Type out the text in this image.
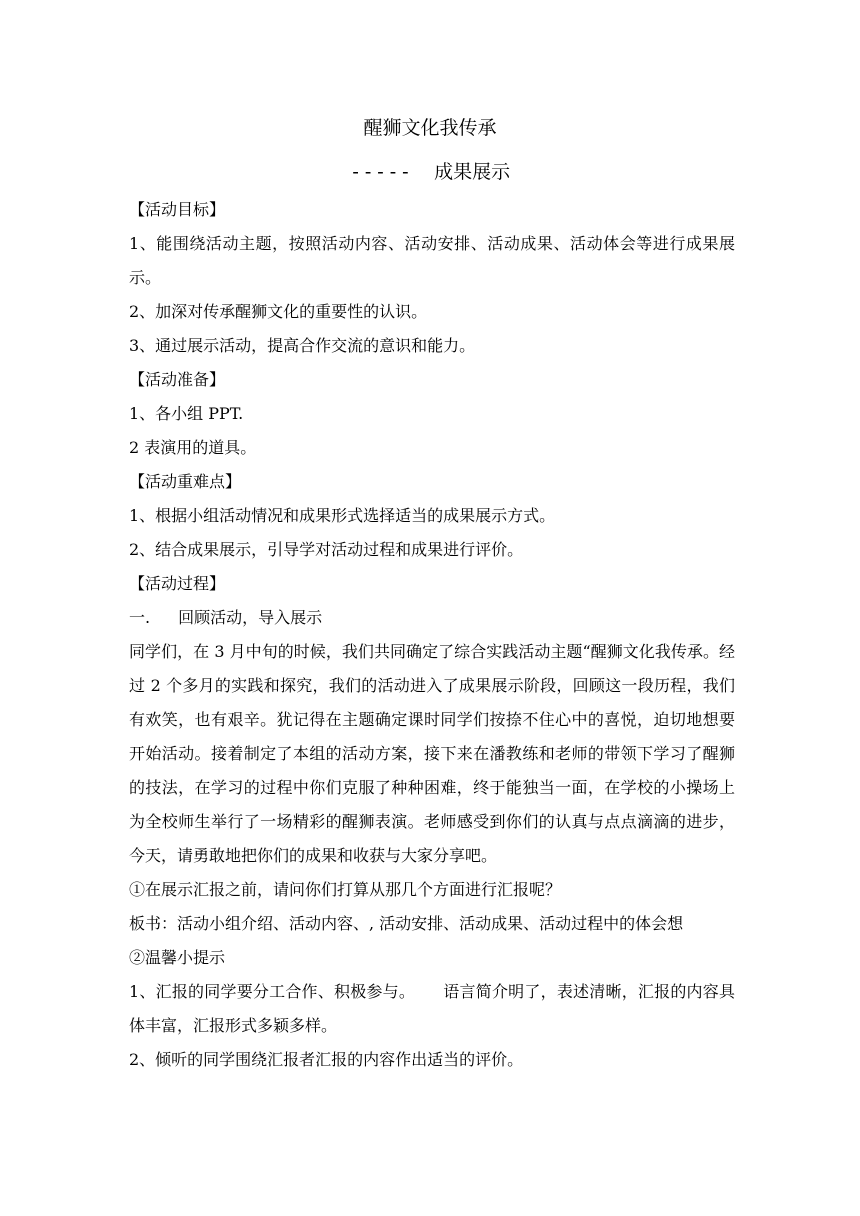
醒狮文化我传承
----- 成果展示

【活动目标】

1、能围绕活动主题，按照活动内容、活动安排、活动成果、活动体会等进行成果展示。

2、加深对传承醒狮文化的重要性的认识。

3、通过展示活动，提高合作交流的意识和能力。

【活动准备】

1、各小组 PPT.

2 表演用的道具。

【活动重难点】

1、根据小组活动情况和成果形式选择适当的成果展示方式。

2、结合成果展示，引导学对活动过程和成果进行评价。

【活动过程】

一. 回顾活动，导入展示

同学们，在 3 月中旬的时候，我们共同确定了综合实践活动主题“醒狮文化我传承。经过 2 个多月的实践和探究，我们的活动进入了成果展示阶段，回顾这一段历程，我们有欢笑，也有艰辛。犹记得在主题确定课时同学们按捺不住心中的喜悦，迫切地想要开始活动。接着制定了本组的活动方案，接下来在潘教练和老师的带领下学习了醒狮的技法，在学习的过程中你们克服了种种困难，终于能独当一面，在学校的小操场上为全校师生举行了一场精彩的醒狮表演。老师感受到你们的认真与点点滴滴的进步，今天，请勇敢地把你们的成果和收获与大家分享吧。

①在展示汇报之前，请问你们打算从那几个方面进行汇报呢？

板书：活动小组介绍、活动内容、, 活动安排、活动成果、活动过程中的体会想

②温馨小提示

1、汇报的同学要分工合作、积极参与。 语言简介明了，表述清晰，汇报的内容具体丰富，汇报形式多颖多样。

2、倾听的同学围绕汇报者汇报的内容作出适当的评价。
